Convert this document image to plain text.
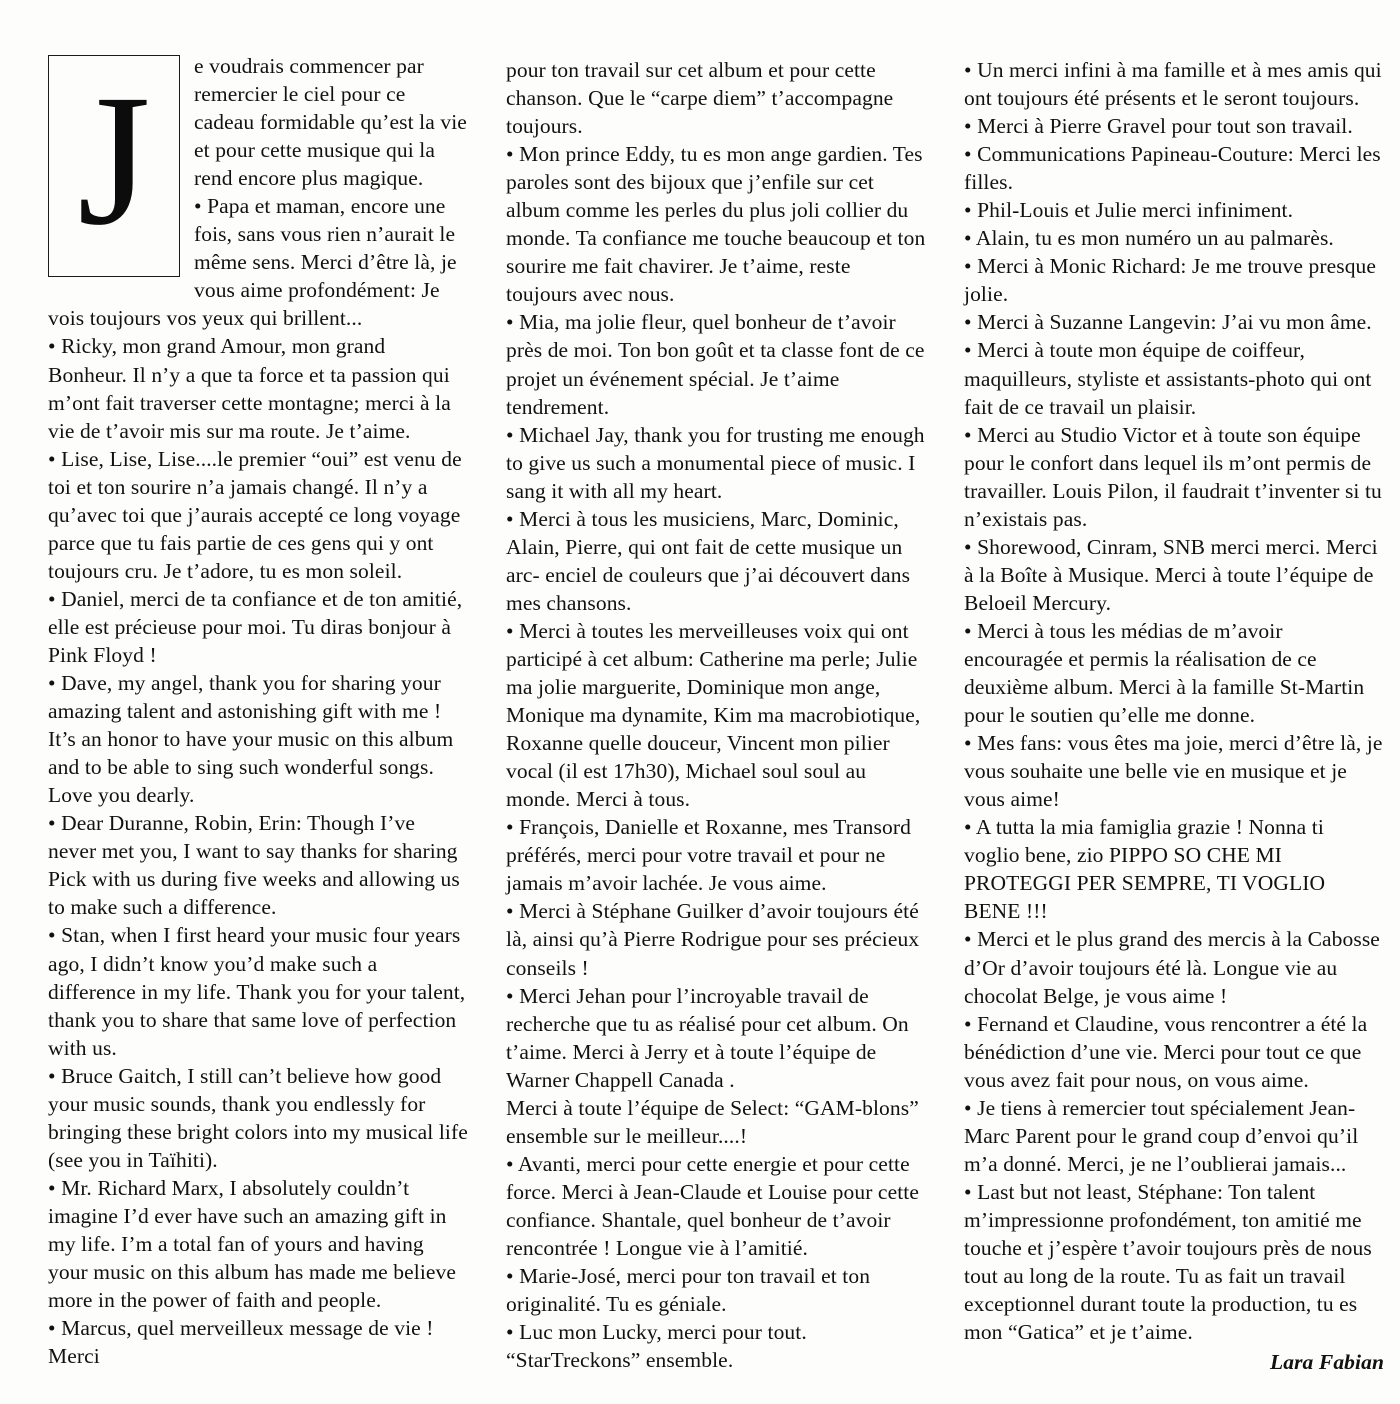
J	e voudrais commencer par remercier le ciel pour ce cadeau formidable qu’est la vie et pour cette musique qui la rend encore plus magique.

• Papa et maman, encore une fois, sans vous rien n’aurait le même sens. Merci d’être là, je vous aime profondément: Je vois toujours vos yeux qui brillent...

• Ricky, mon grand Amour, mon grand Bonheur. Il n’y a que ta force et ta passion qui m’ont fait traverser cette montagne; merci à la vie de t’avoir mis sur ma route. Je t’aime.

• Lise, Lise, Lise....le premier “oui” est venu de toi et ton sourire n’a jamais changé. Il n’y a qu’avec toi que j’aurais accepté ce long voyage parce que tu fais partie de ces gens qui y ont toujours cru. Je t’adore, tu es mon soleil.

• Daniel, merci de ta confiance et de ton amitié, elle est précieuse pour moi. Tu diras bonjour à Pink Floyd !

• Dave, my angel, thank you for sharing your amazing talent and astonishing gift with me ! It’s an honor to have your music on this album and to be able to sing such wonderful songs. Love you dearly.

• Dear Duranne, Robin, Erin: Though I’ve never met you, I want to say thanks for sharing Pick with us during five weeks and allowing us to make such a difference.

• Stan, when I first heard your music four years ago, I didn’t know you’d make such a difference in my life. Thank you for your talent, thank you to share that same love of perfection with us.

• Bruce Gaitch, I still can’t believe how good your music sounds, thank you endlessly for bringing these bright colors into my musical life (see you in Taïhiti).

• Mr. Richard Marx, I absolutely couldn’t imagine I’d ever have such an amazing gift in my life. I’m a total fan of yours and having your music on this album has made me believe more in the power of faith and people.

• Marcus, quel merveilleux message de vie ! Merci

pour ton travail sur cet album et pour cette chanson. Que le “carpe diem” t’accompagne toujours.

• Mon prince Eddy, tu es mon ange gardien. Tes paroles sont des bijoux que j’enfile sur cet album comme les perles du plus joli collier du monde. Ta confiance me touche beaucoup et ton sourire me fait chavirer. Je t’aime, reste toujours avec nous.

• Mia, ma jolie fleur, quel bonheur de t’avoir près de moi. Ton bon goût et ta classe font de ce projet un événement spécial. Je t’aime tendrement.

• Michael Jay, thank you for trusting me enough to give us such a monumental piece of music. I sang it with all my heart.

• Merci à tous les musiciens, Marc, Dominic, Alain, Pierre, qui ont fait de cette musique un arc- enciel de couleurs que j’ai découvert dans mes chansons.

• Merci à toutes les merveilleuses voix qui ont participé à cet album: Catherine ma perle; Julie ma jolie marguerite, Dominique mon ange, Monique ma dynamite, Kim ma macrobiotique, Roxanne quelle douceur, Vincent mon pilier vocal (il est 17h30), Michael soul soul au monde. Merci à tous.

• François, Danielle et Roxanne, mes Transord préférés, merci pour votre travail et pour ne jamais m’avoir lachée. Je vous aime.

• Merci à Stéphane Guilker d’avoir toujours été là, ainsi qu’à Pierre Rodrigue pour ses précieux conseils !

• Merci Jehan pour l’incroyable travail de recherche que tu as réalisé pour cet album. On t’aime. Merci à Jerry et à toute l’équipe de Warner Chappell Canada .

Merci à toute l’équipe de Select: “GAM-blons” ensemble sur le meilleur....!

• Avanti, merci pour cette energie et pour cette force. Merci à Jean-Claude et Louise pour cette confiance. Shantale, quel bonheur de t’avoir rencontrée ! Longue vie à l’amitié.

• Marie-José, merci pour ton travail et ton originalité. Tu es géniale.

• Luc mon Lucky, merci pour tout. “StarTreckons” ensemble.

• Un merci infini à ma famille et à mes amis qui ont toujours été présents et le seront toujours.

• Merci à Pierre Gravel pour tout son travail.

• Communications Papineau-Couture: Merci les filles.

• Phil-Louis et Julie merci infiniment.

• Alain, tu es mon numéro un au palmarès.

• Merci à Monic Richard: Je me trouve presque jolie.

• Merci à Suzanne Langevin: J’ai vu mon âme.

• Merci à toute mon équipe de coiffeur, maquilleurs, styliste et assistants-photo qui ont fait de ce travail un plaisir.

• Merci au Studio Victor et à toute son équipe pour le confort dans lequel ils m’ont permis de travailler. Louis Pilon, il faudrait t’inventer si tu n’existais pas.

• Shorewood, Cinram, SNB merci merci. Merci à la Boîte à Musique. Merci à toute l’équipe de Beloeil Mercury.

• Merci à tous les médias de m’avoir encouragée et permis la réalisation de ce deuxième album. Merci à la famille St-Martin pour le soutien qu’elle me donne.

• Mes fans: vous êtes ma joie, merci d’être là, je vous souhaite une belle vie en musique et je vous aime!

• A tutta la mia famiglia grazie ! Nonna ti voglio bene, zio PIPPO SO CHE MI PROTEGGI PER SEMPRE, TI VOGLIO BENE !!!

• Merci et le plus grand des mercis à la Cabosse d’Or d’avoir toujours été là. Longue vie au chocolat Belge, je vous aime !

• Fernand et Claudine, vous rencontrer a été la bénédiction d’une vie. Merci pour tout ce que vous avez fait pour nous, on vous aime.

• Je tiens à remercier tout spécialement Jean-Marc Parent pour le grand coup d’envoi qu’il m’a donné. Merci, je ne l’oublierai jamais...

• Last but not least, Stéphane: Ton talent m’impressionne profondément, ton amitié me touche et j’espère t’avoir toujours près de nous tout au long de la route. Tu as fait un travail exceptionnel durant toute la production, tu es mon “Gatica” et je t’aime.

Lara Fabian
